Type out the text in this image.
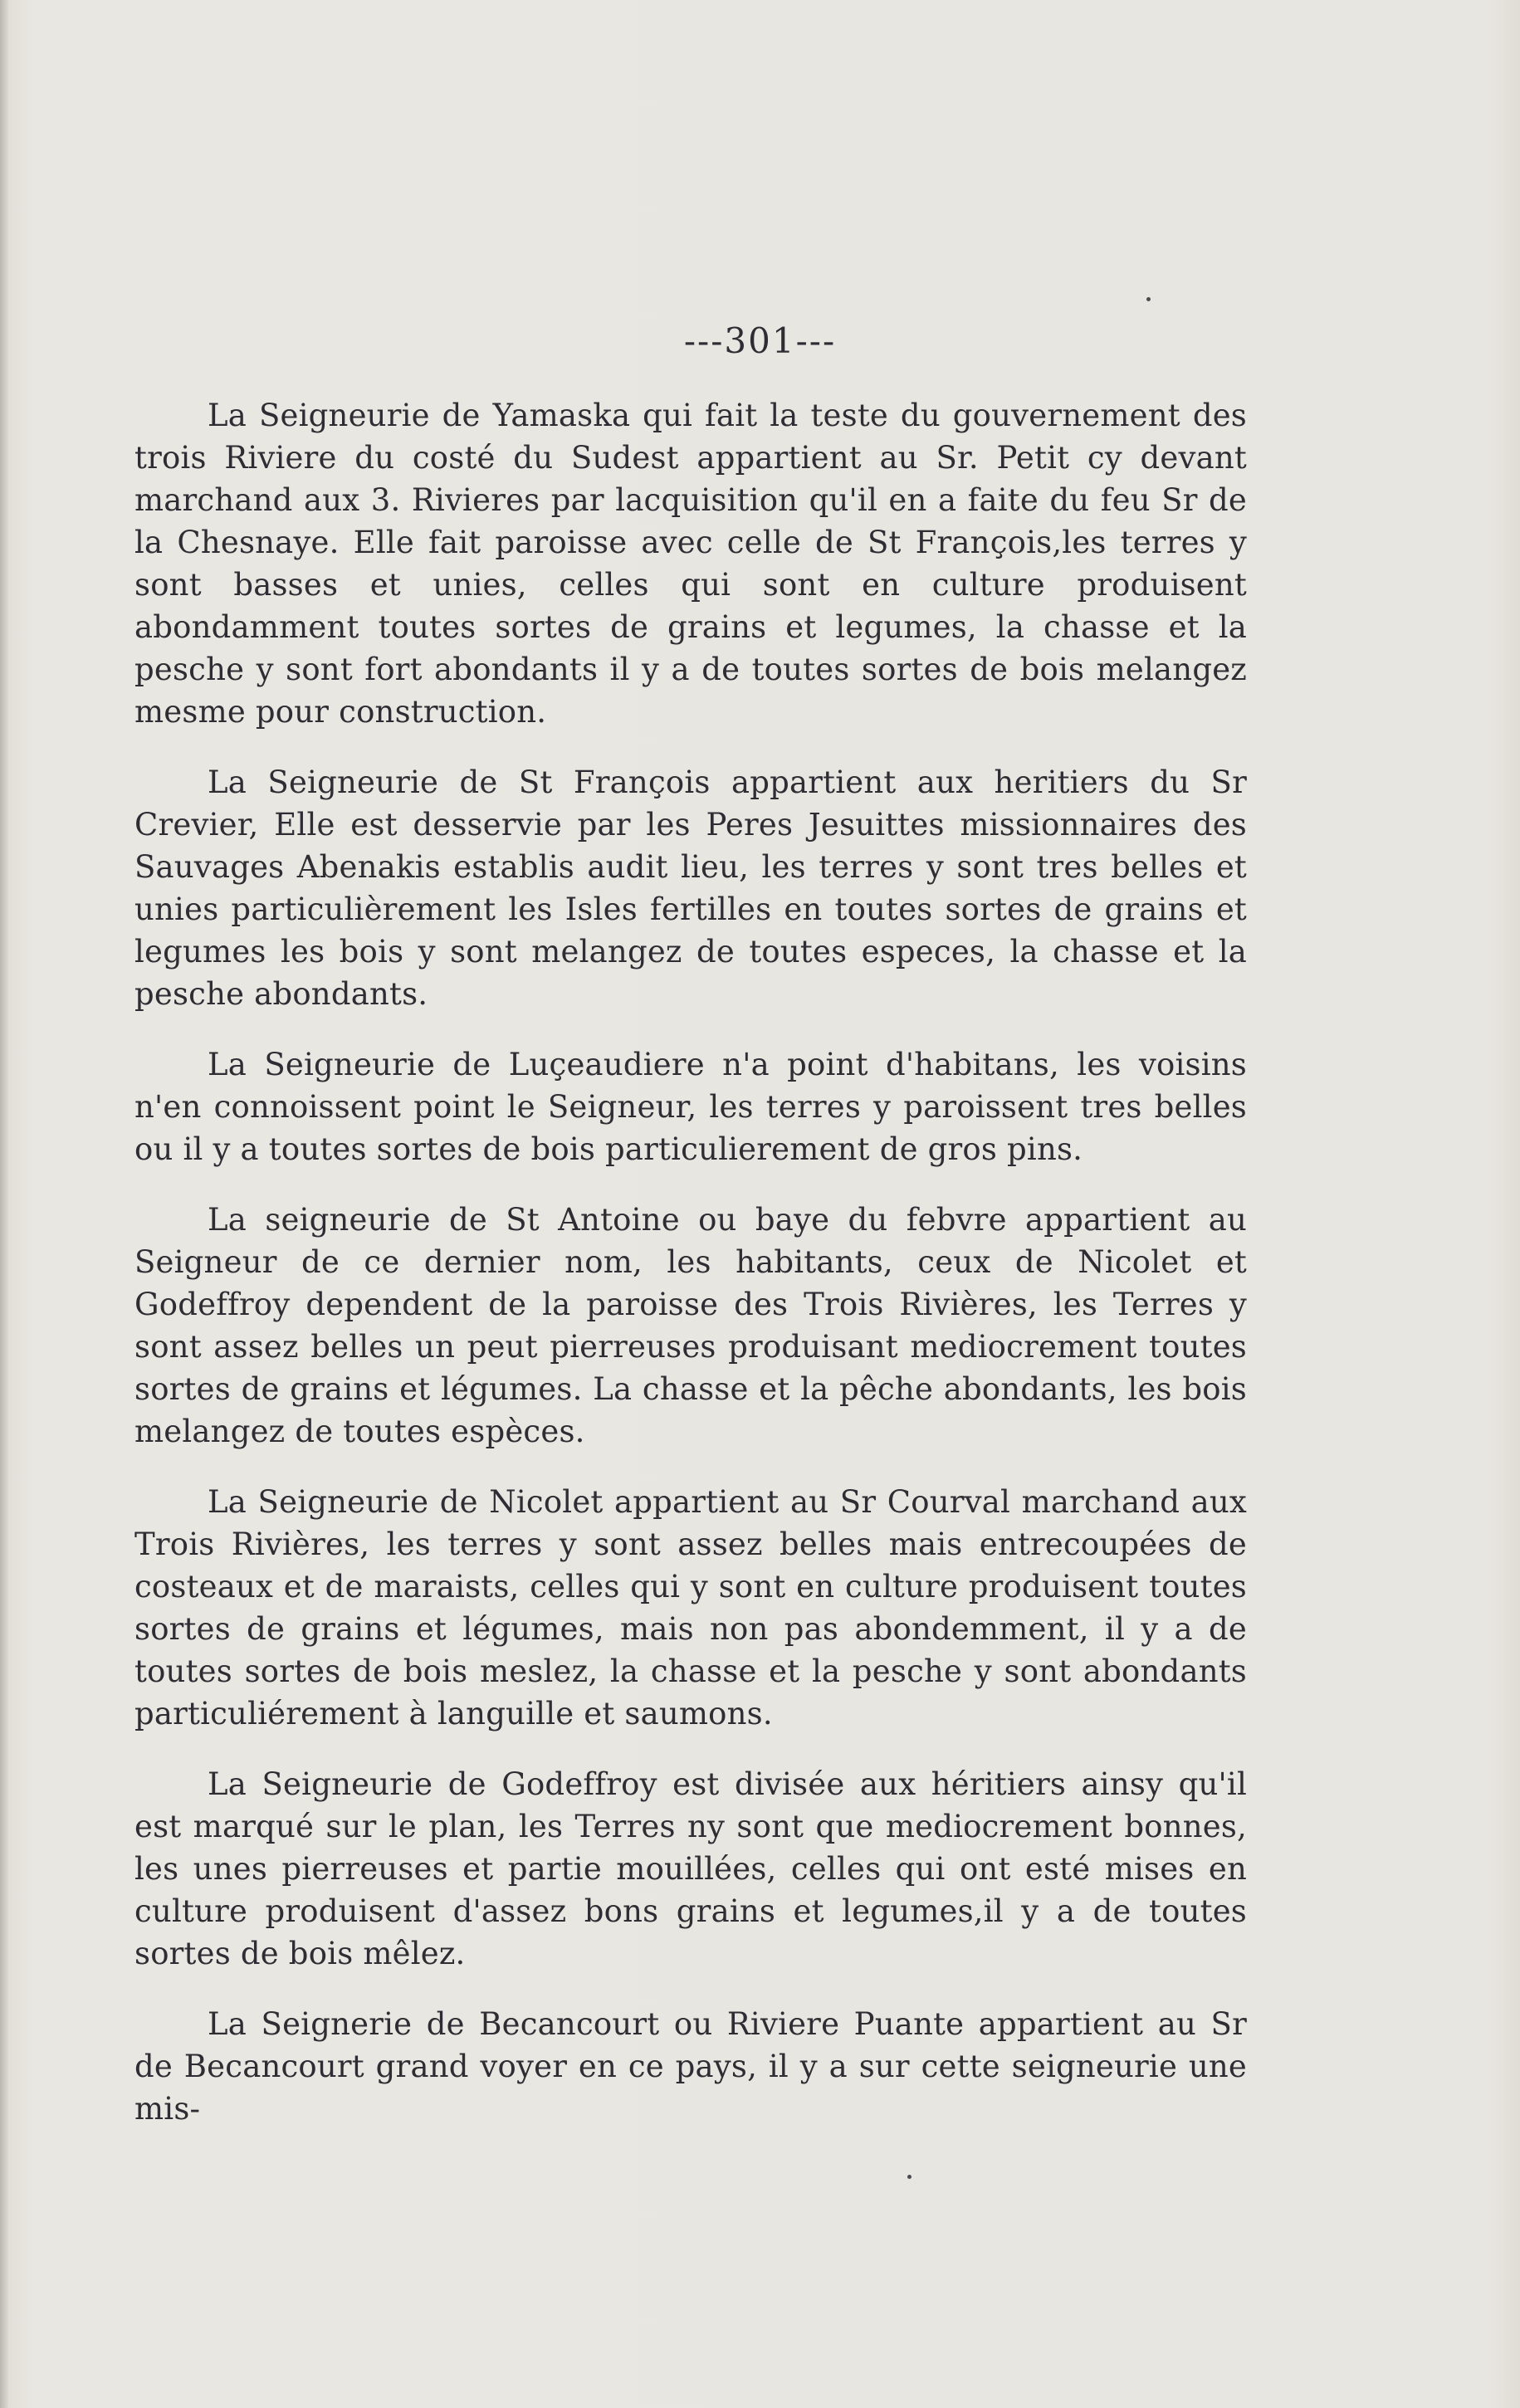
---301---

La Seigneurie de Yamaska qui fait la teste du gouvernement des trois Riviere du costé du Sudest appartient au Sr. Petit cy devant marchand aux 3. Rivieres par lacquisition qu'il en a faite du feu Sr de la Chesnaye. Elle fait paroisse avec celle de St François,les terres y sont basses et unies, celles qui sont en culture produisent abondamment toutes sortes de grains et legumes, la chasse et la pesche y sont fort abondants il y a de toutes sortes de bois melangez mesme pour construction.

La Seigneurie de St François appartient aux heritiers du Sr Crevier, Elle est desservie par les Peres Jesuittes missionnaires des Sauvages Abenakis establis audit lieu, les terres y sont tres belles et unies particulièrement les Isles fertilles en toutes sortes de grains et legumes les bois y sont melangez de toutes especes, la chasse et la pesche abondants.

La Seigneurie de Luçeaudiere n'a point d'habitans, les voisins n'en connoissent point le Seigneur, les terres y paroissent tres belles ou il y a toutes sortes de bois particulierement de gros pins.

La seigneurie de St Antoine ou baye du febvre appartient au Seigneur de ce dernier nom, les habitants, ceux de Nicolet et Godeffroy dependent de la paroisse des Trois Rivières, les Terres y sont assez belles un peut pierreuses produisant mediocrement toutes sortes de grains et légumes. La chasse et la pêche abondants, les bois melangez de toutes espèces.

La Seigneurie de Nicolet appartient au Sr Courval marchand aux Trois Rivières, les terres y sont assez belles mais entrecoupées de costeaux et de maraists, celles qui y sont en culture produisent toutes sortes de grains et légumes, mais non pas abondemment, il y a de toutes sortes de bois meslez, la chasse et la pesche y sont abondants particuliérement à languille et saumons.

La Seigneurie de Godeffroy est divisée aux héritiers ainsy qu'il est marqué sur le plan, les Terres ny sont que mediocrement bonnes, les unes pierreuses et partie mouillées, celles qui ont esté mises en culture produisent d'assez bons grains et legumes,il y a de toutes sortes de bois mêlez.

La Seignerie de Becancourt ou Riviere Puante appartient au Sr de Becancourt grand voyer en ce pays, il y a sur cette seigneurie une mis-
